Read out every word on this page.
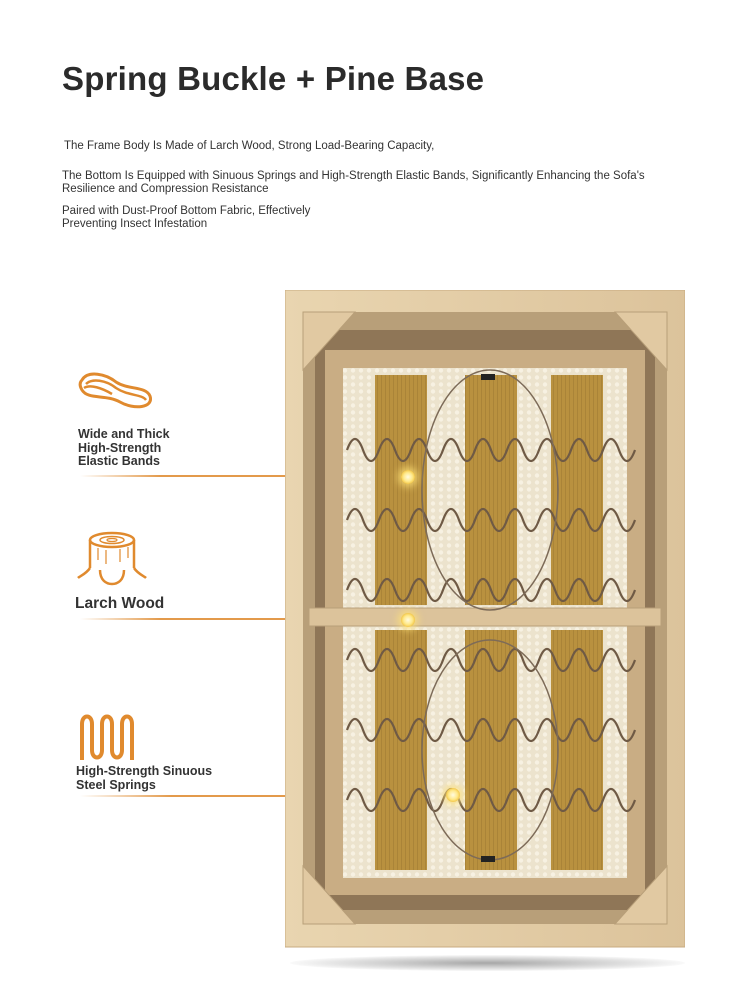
Spring Buckle + Pine Base
The Frame Body Is Made of Larch Wood, Strong Load-Bearing Capacity,
The Bottom Is Equipped with Sinuous Springs and High-Strength Elastic Bands, Significantly Enhancing the Sofa's Resilience and Compression Resistance
Paired with Dust-Proof Bottom Fabric, Effectively Preventing Insect Infestation
Wide and Thick High-Strength Elastic Bands
Larch Wood
High-Strength Sinuous Steel Springs
